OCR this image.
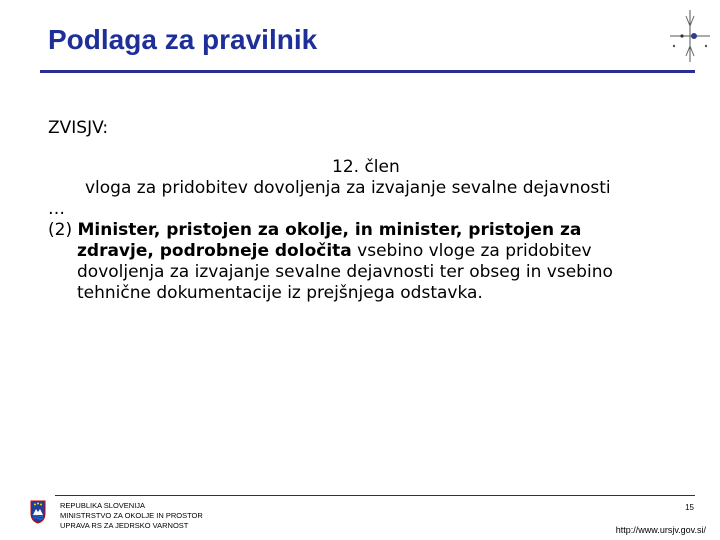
Podlaga za pravilnik
ZVISJV:
12. člen
vloga za pridobitev dovoljenja za izvajanje sevalne dejavnosti
…
(2) Minister, pristojen za okolje, in minister, pristojen za
zdravje, podrobneje določita vsebino vloge za pridobitev
dovoljenja za izvajanje sevalne dejavnosti ter obseg in vsebino
tehnične dokumentacije iz prejšnjega odstavka.
REPUBLIKA SLOVENIJA
MINISTRSTVO ZA OKOLJE IN PROSTOR
UPRAVA RS ZA JEDRSKO VARNOST
15
http://www.ursjv.gov.si/
